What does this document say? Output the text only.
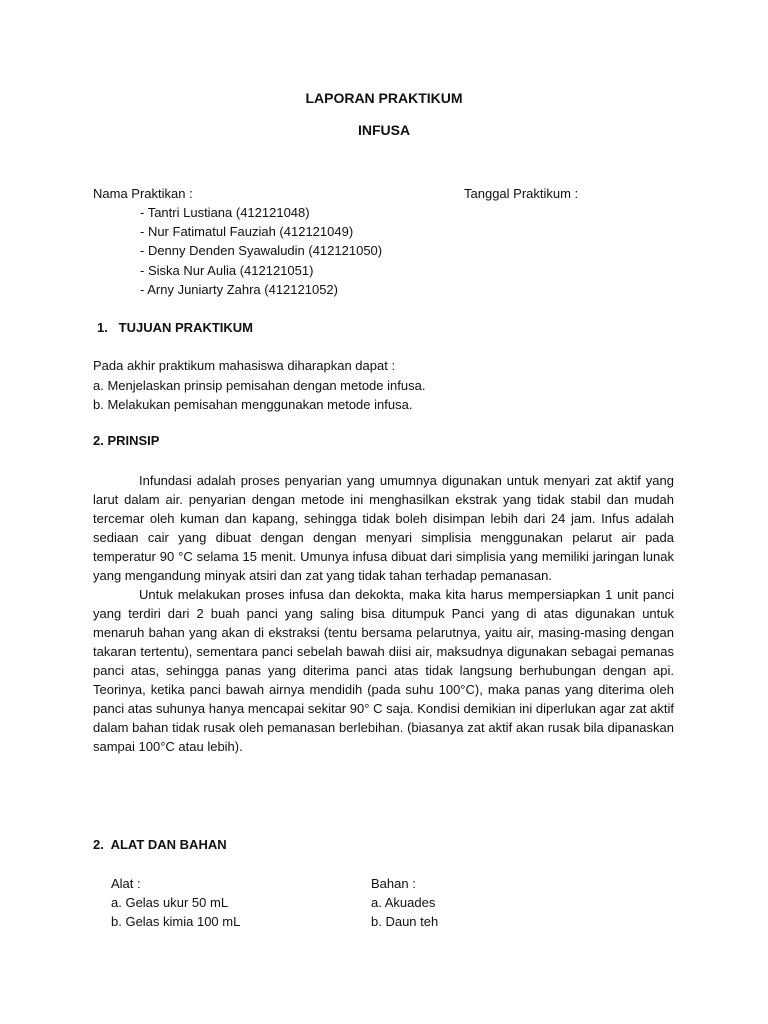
LAPORAN PRAKTIKUM
INFUSA
Nama Praktikan :	Tanggal Praktikum :
- Tantri Lustiana (412121048)
- Nur Fatimatul Fauziah (412121049)
- Denny Denden Syawaludin (412121050)
- Siska Nur Aulia (412121051)
- Arny Juniarty Zahra (412121052)
1.   TUJUAN PRAKTIKUM
Pada akhir praktikum mahasiswa diharapkan dapat :
a. Menjelaskan prinsip pemisahan dengan metode infusa.
b. Melakukan pemisahan menggunakan metode infusa.
2. PRINSIP

Infundasi adalah proses penyarian yang umumnya digunakan untuk menyari zat aktif yang larut dalam air. penyarian dengan metode ini menghasilkan ekstrak yang tidak stabil dan mudah tercemar oleh kuman dan kapang, sehingga tidak boleh disimpan lebih dari 24 jam. Infus adalah sediaan cair yang dibuat dengan dengan menyari simplisia menggunakan pelarut air pada temperatur 90 °C selama 15 menit. Umunya infusa dibuat dari simplisia yang memiliki jaringan lunak yang mengandung minyak atsiri dan zat yang tidak tahan terhadap pemanasan.

Untuk melakukan proses infusa dan dekokta, maka kita harus mempersiapkan 1 unit panci yang terdiri dari 2 buah panci yang saling bisa ditumpuk Panci yang di atas digunakan untuk menaruh bahan yang akan di ekstraksi (tentu bersama pelarutnya, yaitu air, masing-masing dengan takaran tertentu), sementara panci sebelah bawah diisi air, maksudnya digunakan sebagai pemanas panci atas, sehingga panas yang diterima panci atas tidak langsung berhubungan dengan api. Teorinya, ketika panci bawah airnya mendidih (pada suhu 100°C), maka panas yang diterima oleh panci atas suhunya hanya mencapai sekitar 90° C saja. Kondisi demikian ini diperlukan agar zat aktif dalam bahan tidak rusak oleh pemanasan berlebihan. (biasanya zat aktif akan rusak bila dipanaskan sampai 100°C atau lebih).

2.  ALAT DAN BAHAN
Alat :
a. Gelas ukur 50 mL
b. Gelas kimia 100 mL
Bahan :
a. Akuades
b. Daun teh
